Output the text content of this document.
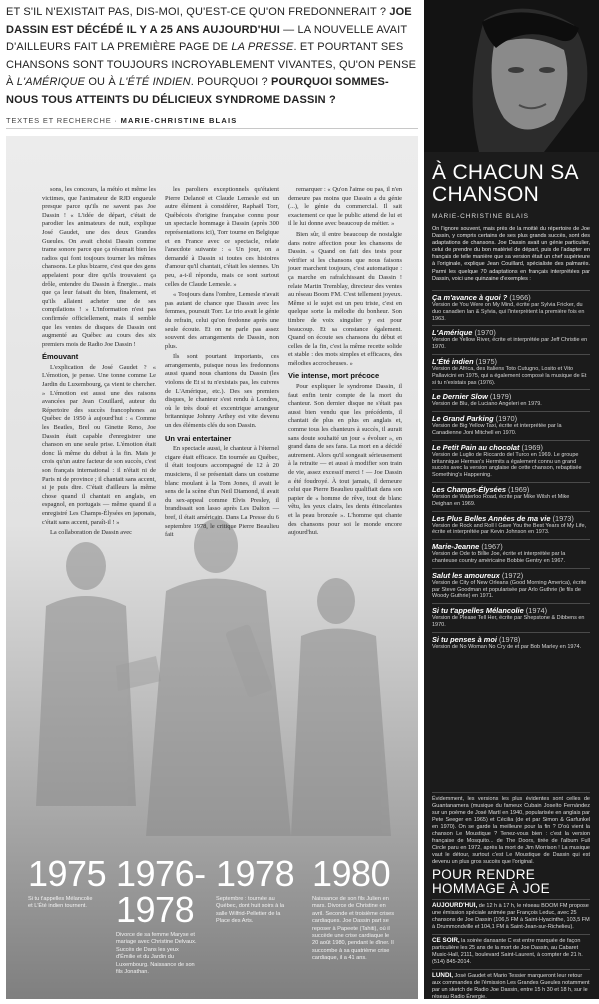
ET S'IL N'EXISTAIT PAS, DIS-MOI, QU'EST-CE QU'ON FREDONNERAIT ? JOE DASSIN EST DÉCÉDÉ IL Y A 25 ANS AUJOURD'HUI — LA NOUVELLE AVAIT D'AILLEURS FAIT LA PREMIÈRE PAGE DE LA PRESSE. ET POURTANT SES CHANSONS SONT TOUJOURS INCROYABLEMENT VIVANTES, QU'ON PENSE À L'AMÉRIQUE OU À L'ÉTÉ INDIEN. POURQUOI ? POURQUOI SOMMES-NOUS TOUS ATTEINTS DU DÉLICIEUX SYNDROME DASSIN ?
TEXTES ET RECHERCHE · MARIE-CHRISTINE BLAIS

sons, les concours, la météo et même les victimes, que l'animateur de RJD engueule presque parce qu'ils ne savent pas Joe Dassin ! « L'idée de départ, c'était de parodier les animateurs de nuit, explique José Gaudet, une des deux Grandes Gueules. On avait choisi Dassin comme trame sonore parce que ça résumait bien les radios qui font toujours tourner les mêmes chansons. Le plus bizarre, c'est que des gens appelaient pour dire qu'ils trouvaient ça drôle, entendre du Dassin à Énergie... mais que ça leur faisait du bien, finalement, et qu'ils allaient acheter une de ses compilations ! » L'information n'est pas confirmée officiellement, mais il semble que les ventes de disques de Dassin ont augmenté au Québec au cours des six premiers mois de Radio Joe Dassin !

Émouvant

L'explication de José Gaudet ? « L'émotion, je pense. Une tonne comme Le Jardin du Luxembourg, ça vient te chercher. » L'émotion est aussi une des raisons avancées par Jean Couillard, auteur du Répertoire des succès francophones au Québec de 1950 à aujourd'hui : « Comme les Beatles, Brel ou Ginette Reno, Joe Dassin était capable d'enregistrer une chanson en une seule prise. L'émotion était donc là même du début à la fin. Mais je crois qu'un autre facteur de son succès, c'est son français international : il n'était ni de Paris ni de province ; il chantait sans accent, si je puis dire. C'était d'ailleurs la même chose quand il chantait en anglais, en espagnol, en portugais — même quand il a enregistré Les Champs-Élysées en japonais, c'était sans accent, paraît-il ! »

La collaboration de Dassin avec

les paroliers exceptionnels qu'étaient Pierre Delanoë et Claude Lemesle est un autre élément à considérer, Raphaël Torr, Québécois d'origine française connu pour un spectacle hommage à Dassin (après 300 représentations ici), Torr tourne en Belgique et en France avec ce spectacle, relate l'anecdote suivante : « Un jour, on a demandé à Dassin si toutes ces histoires d'amour qu'il chantait, c'était les siennes. Un peu, a-t-il répondu, mais ce sont surtout celles de Claude Lemesle. »

« Toujours dans l'ombre, Lemesle n'avait pas autant de chance que Dassin avec les femmes, poursuit Torr. Le trio avait le génie du refrain, celui qu'on fredonne après une seule écoute. Et on ne parle pas assez souvent des arrangements de Dassin, non plus.

Ils sont pourtant importants, ces arrangements, puisque nous les fredonnons aussi quand nous chantons du Dassin (les violons de Et si tu n'existais pas, les cuivres de L'Amérique, etc.). Des ses premiers disques, le chanteur s'est rendu à Londres, où le très doué et excentrique arrangeur britannique Johnny Arthey est vite devenu un des éléments clés du son Dassin.

Un vrai entertainer

En spectacle aussi, le chanteur à l'éternel cigare était efficace. En tournée au Québec, il était toujours accompagné de 12 à 20 musiciens, il se présentait dans un costume blanc moulant à la Tom Jones, il avait le sens de la scène d'un Neil Diamond, il avait du sex-appeal comme Elvis Presley, il brandissait son lasso après Les Dalton — bref, il était américain. Dans La Presse du 6 septembre 1978, le critique Pierre Beaulieu fait

remarquer : « Qu'on l'aime ou pas, il n'en demeure pas moins que Dassin a du génie (...), le génie du commercial. Il sait exactement ce que le public attend de lui et il le lui donne avec beaucoup de métier. »

Bien sûr, il entre beaucoup de nostalgie dans notre affection pour les chansons de Dassin. « Quand on fait des tests pour vérifier si les chansons que nous faisons jouer marchent toujours, c'est automatique : ça marche en rafraîchissant du Dassin ! relate Martin Tremblay, directeur des ventes au réseau Boom FM. C'est tellement joyeux. Même si le sujet est un peu triste, c'est en quelque sorte la mélodie du bonheur. Son timbre de voix singulier y est pour beaucoup. Et sa constance également. Quand on écoute ses chansons du début et celles de la fin, c'est la même recette solide et stable : des mots simples et efficaces, des mélodies accrocheuses. »

Vie intense, mort précoce

Pour expliquer le syndrome Dassin, il faut enfin tenir compte de la mort du chanteur. Son dernier disque ne s'était pas aussi bien vendu que les précédents, il chantait de plus en plus en anglais et, comme tous les chanteurs à succès, il aurait sans doute souhaité un jour « évoluer », en grand dans de ses fans. La mort en a décidé autrement. Alors qu'il songeait sérieusement à la retraite — et aussi à modifier son train de vie, assez excessif merci ! — Joe Dassin a été foudroyé. À tout jamais, il demeure celui que Pierre Beaulieu qualifiait dans son papier de « homme de rêve, tout de blanc vêtu, les yeux clairs, les dents étincelantes et la peau bronzée ». L'homme qui chante des chansons pour soi le monde encore aujourd'hui.

1975
Si tu t'appelles Mélancolie et L'Été indien tournent.
1976-
1978
Divorce de sa femme Maryse et mariage avec Christine Delvaux. Succès de Dans les yeux d'Émilie et du Jardin du Luxembourg. Naissance de son fils Jonathan.
1978
Septembre : tournée au Québec, dont huit soirs à la salle Wilfrid-Pelletier de la Place des Arts.
1980
Naissance de son fils Julien en mars. Divorce de Christine en avril. Seconde et troisième crises cardiaques. Joe Dassin part se reposer à Papeete (Tahiti), où il succède une crise cardiaque le 20 août 1980, pendant le dîner. Il succombe à sa quatrième crise cardiaque, il a 41 ans.
À CHACUN SA CHANSON
MARIE-CHRISTINE BLAIS
On l'ignore souvent, mais près de la moitié du répertoire de Joe Dassin, y compris certains de ses plus grands succès, sont des adaptations de chansons. Joe Dassin avait un génie particulier, celui de prendre du bon matériel de départ, puis de l'adapter en français de telle manière que sa version était un chef supérieure à l'originale, explique Jean Couillard, spécialiste des palmarès. Parmi les quelque 70 adaptations en français interprétées par Dassin, voici une quinzaine d'exemples :
Ça m'avance à quoi ? (1966)
Version de You Were on My Mind, écrite par Sylvia Fricker, du duo canadien Ian & Sylvia, qui l'interprètent la première fois en 1963.
L'Amérique (1970)
Version de Yellow River, écrite et interprétée par Jeff Christie en 1970.
L'Été indien (1975)
Version de Africa, des Italiens Toto Cutugno, Losito et Vito Pallavicini en 1975, qui a également composé la musique de Et si tu n'existais pas (1976).
Le Dernier Slow (1979)
Version de Blu, de Luciano Angeleri en 1979.
Le Grand Parking (1970)
Version de Big Yellow Taxi, écrite et interprétée par la Canadienne Joni Mitchell en 1970.
Le Petit Pain au chocolat (1969)
Version de Luglio de Riccardo del Turco en 1969. Le groupe britannique Herman's Hermits a également connu un grand succès avec la version anglaise de cette chanson, rebaptisée Something's Happening.
Les Champs-Élysées (1969)
Version de Waterloo Road, écrite par Mike Wilsh et Mike Deighan en 1969.
Les Plus Belles Années de ma vie (1973)
Version de Rock and Roll I Gave You the Best Years of My Life, écrite et interprétée par Kevin Johnson en 1973.
Marie-Jeanne (1967)
Version de Ode to Billie Joe, écrite et interprétée par la chanteuse country américaine Bobbie Gentry en 1967.
Salut les amoureux (1972)
Version de City of New Orleans (Good Morning America), écrite par Steve Goodman et popularisée par Arlo Guthrie (le fils de Woody Guthrie) en 1971.
Si tu t'appelles Mélancolie (1974)
Version de Please Tell Her, écrite par Shepstone & Dibbens en 1970.
Si tu penses à moi (1978)
Version de No Woman No Cry de et par Bob Marley en 1974.
Évidemment, les versions les plus évidentes sont celles de Guantanamera (musique du fameux Cubain Joseíto Fernández sur un poème de José Martí en 1940, popularisée en anglais par Pete Seeger en 1965) et Cécilia (de et par Simon & Garfunkel en 1970). On se garde la meilleure pour la fin ? D'où vient la chanson Le Moustique ? Tenez-vous bien : c'est la version française de Mosquito... de The Doors, tirée de l'album Full Circle paru en 1972, après la mort de Jim Morrison ! La musique vaut le détour, surtout c'est Le Moustique de Dassin qui est devenu un plus gros succès que l'original.
POUR RENDRE HOMMAGE À JOE

AUJOURD'HUI, de 12 h à 17 h, le réseau BOOM FM propose une émission spéciale animée par François Leduc, avec 25 chansons de Joe Dassin (106,5 FM à Saint-Hyacinthe, 103,5 FM à Drummondville et 104,1 FM à Saint-Jean-sur-Richelieu).

CE SOIR, la soirée dansante C est entre marquée de façon particulière les 25 ans de la mort de Joe Dassin, au Cabaret Music-Hall, 2111, boulevard Saint-Laurent, à compter de 21 h. (514) 845-2014.

LUNDI, José Gaudet et Mario Tessier marqueront leur retour aux commandes de l'émission Les Grandes Gueules notamment par un sketch de Radio Joe Dassin, entre 15 h 30 et 18 h, sur le réseau Radio Énergie.
